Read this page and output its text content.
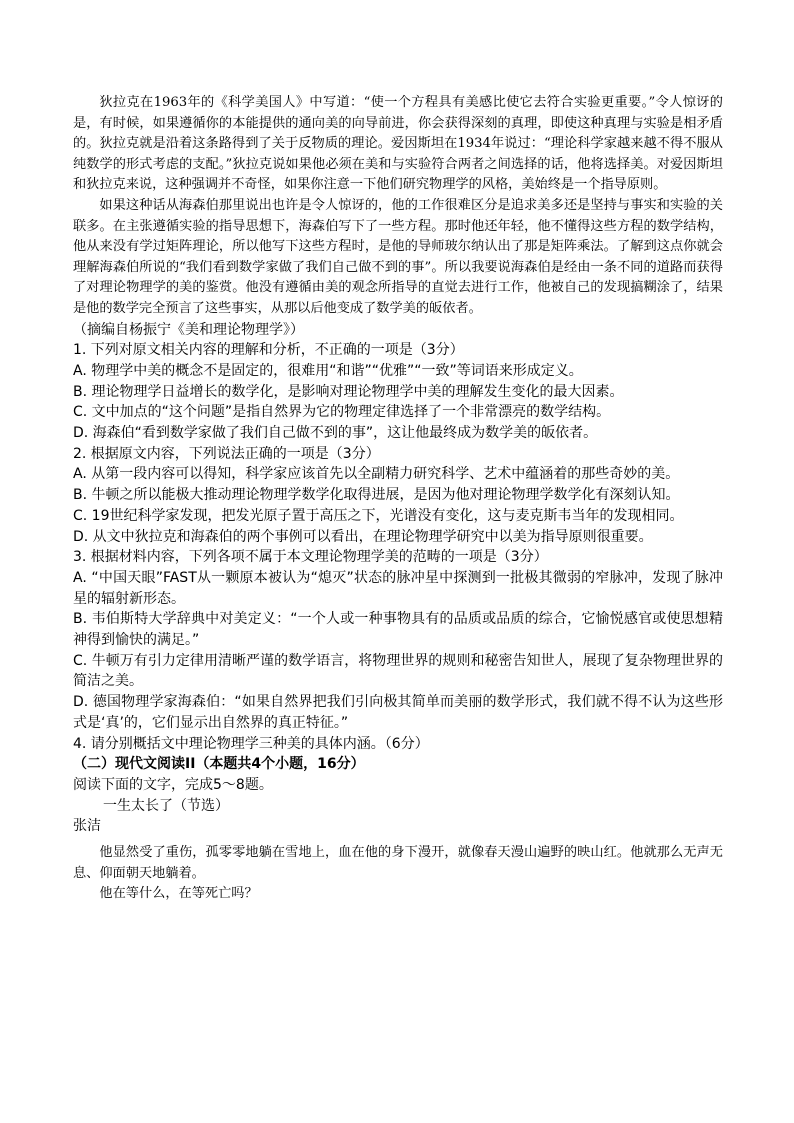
狄拉克在1963年的《科学美国人》中写道：“使一个方程具有美感比使它去符合实验更重要。”令人惊讶的是，有时候，如果遵循你的本能提供的通向美的向导前进，你会获得深刻的真理，即使这种真理与实验是相矛盾的。狄拉克就是沿着这条路得到了关于反物质的理论。爱因斯坦在1934年说过：“理论科学家越来越不得不服从纯数学的形式考虑的支配。”狄拉克说如果他必须在美和与实验符合两者之间选择的话，他将选择美。对爱因斯坦和狄拉克来说，这种强调并不奇怪，如果你注意一下他们研究物理学的风格，美始终是一个指导原则。

如果这种话从海森伯那里说出也许是令人惊讶的，他的工作很难区分是追求美多还是坚持与事实和实验的关联多。在主张遵循实验的指导思想下，海森伯写下了一些方程。那时他还年轻，他不懂得这些方程的数学结构，他从来没有学过矩阵理论，所以他写下这些方程时，是他的导师玻尔纳认出了那是矩阵乘法。了解到这点你就会理解海森伯所说的“我们看到数学家做了我们自己做不到的事”。所以我要说海森伯是经由一条不同的道路而获得了对理论物理学的美的鉴赏。他没有遵循由美的观念所指导的直觉去进行工作，他被自己的发现搞糊涂了，结果是他的数学完全预言了这些事实，从那以后他变成了数学美的皈依者。

（摘编自杨振宁《美和理论物理学》）

1. 下列对原文相关内容的理解和分析，不正确的一项是（3分）

A. 物理学中美的概念不是固定的，很难用“和谐”“优雅”“一致”等词语来形成定义。

B. 理论物理学日益增长的数学化，是影响对理论物理学中美的理解发生变化的最大因素。

C. 文中加点的“这个问题”是指自然界为它的物理定律选择了一个非常漂亮的数学结构。

D. 海森伯“看到数学家做了我们自己做不到的事”，这让他最终成为数学美的皈依者。

2. 根据原文内容，下列说法正确的一项是（3分）

A. 从第一段内容可以得知，科学家应该首先以全副精力研究科学、艺术中蕴涵着的那些奇妙的美。

B. 牛顿之所以能极大推动理论物理学数学化取得进展，是因为他对理论物理学数学化有深刻认知。

C. 19世纪科学家发现，把发光原子置于高压之下，光谱没有变化，这与麦克斯韦当年的发现相同。

D. 从文中狄拉克和海森伯的两个事例可以看出，在理论物理学研究中以美为指导原则很重要。

3. 根据材料内容，下列各项不属于本文理论物理学美的范畴的一项是（3分）

A. “中国天眼”FAST从一颗原本被认为“熄灭”状态的脉冲星中探测到一批极其微弱的窄脉冲，发现了脉冲星的辐射新形态。

B. 韦伯斯特大学辞典中对美定义：“一个人或一种事物具有的品质或品质的综合，它愉悦感官或使思想精神得到愉快的满足。”

C. 牛顿万有引力定律用清晰严谨的数学语言，将物理世界的规则和秘密告知世人，展现了复杂物理世界的简洁之美。

D. 德国物理学家海森伯：“如果自然界把我们引向极其简单而美丽的数学形式，我们就不得不认为这些形式是‘真’的，它们显示出自然界的真正特征。”

4. 请分别概括文中理论物理学三种美的具体内涵。（6分）

（二）现代文阅读II（本题共4个小题，16分）

阅读下面的文字，完成5～8题。

一生太长了（节选）

张洁

他显然受了重伤，孤零零地躺在雪地上，血在他的身下漫开，就像春天漫山遍野的映山红。他就那么无声无息、仰面朝天地躺着。

他在等什么，在等死亡吗？
